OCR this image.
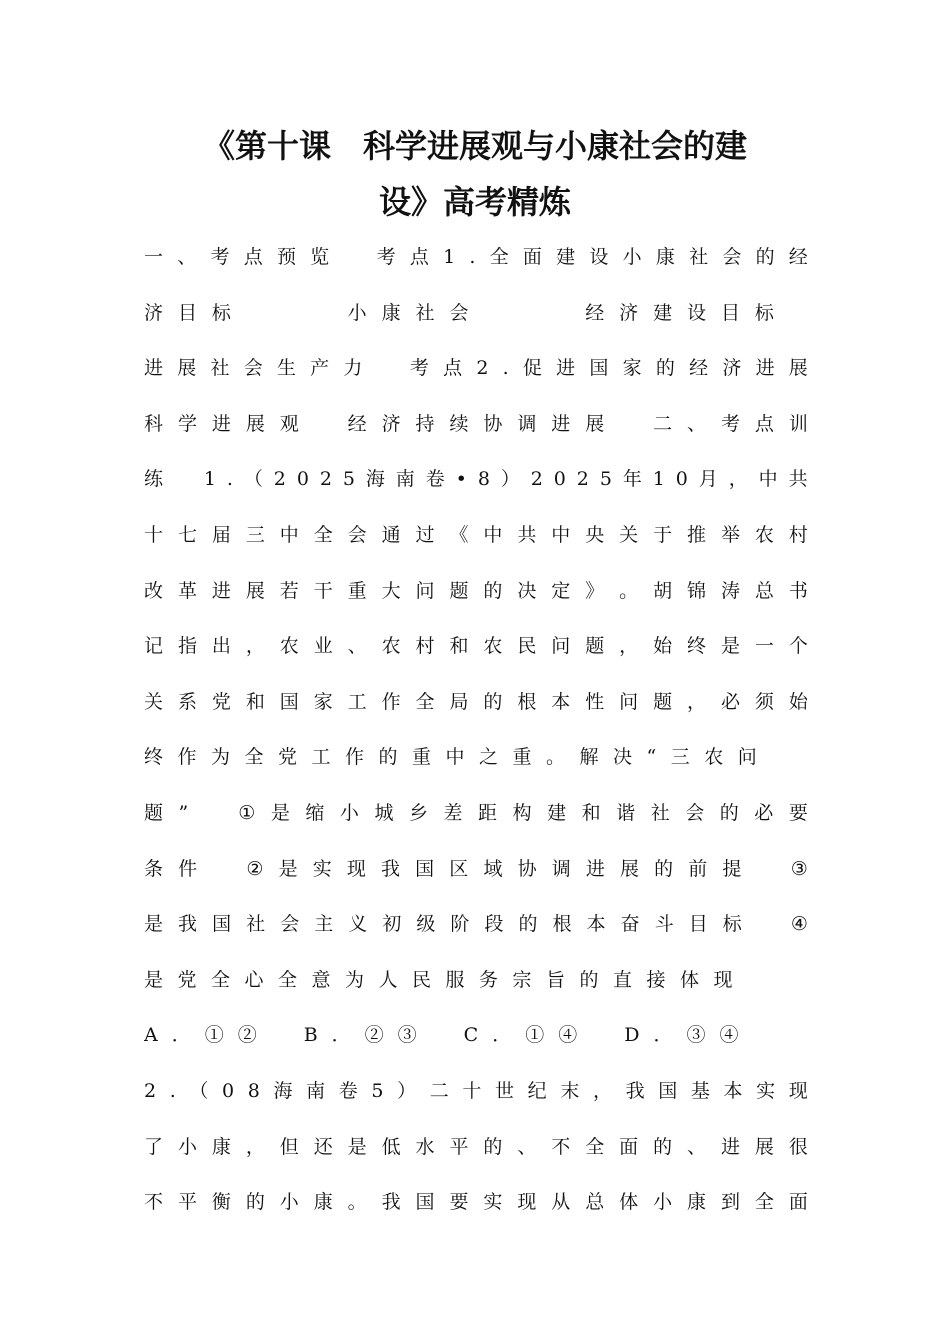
《第十课　科学进展观与小康社会的建
设》高考精炼
一 、 考 点 预 览
　 考 点 1 . 全 面 建 设 小 康 社 会 的 经
济 目 标

　	小 康 社 会

　	经 济 建 设 目 标

进 展 社 会 生 产 力
　 考 点 2 . 促 进 国 家 的 经 济 进 展
科 学 进 展 观
　	经 济 持 续 协 调 进 展
　	二 、 考 点 训
练
　 1 . （ 2 0 2 5 海 南 卷 • 8 ） 2 0 2 5 年 1 0 月 ， 中 共
十 七 届 三 中 全 会 通 过 《 中 共 中 央 关 于 推 举 农 村
改 革 进 展 若 干 重 大 问 题 的 决 定 》 。 胡 锦 涛 总 书
记 指 出 ， 农 业 、 农 村 和 农 民 问 题 ， 始 终 是 一 个
关 系 党 和 国 家 工 作 全 局 的 根 本 性 问 题 ， 必 须 始
终作为全党工作的重中之重。解决“三农问
题 ”
　	① 是 缩 小 城 乡 差 距 构 建 和 谐 社 会 的 必 要
条 件
　	② 是 实 现 我 国 区 域 协 调 进 展 的 前 提
　	③
是 我 国 社 会 主 义 初 级 阶 段 的 根 本 奋 斗 目 标
　	④
是党全心全意为人民服务宗旨的直接体现
A．①②　B．②③　C．①④　D．③④
2 . （ 0 8 海 南 卷 5 ） 二 十 世 纪 末 ， 我 国 基 本 实 现
了 小 康 ， 但 还 是 低 水 平 的 、 不 全 面 的 、 进 展 很
不 平 衡 的 小 康 。 我 国 要 实 现 从 总 体 小 康 到 全 面
